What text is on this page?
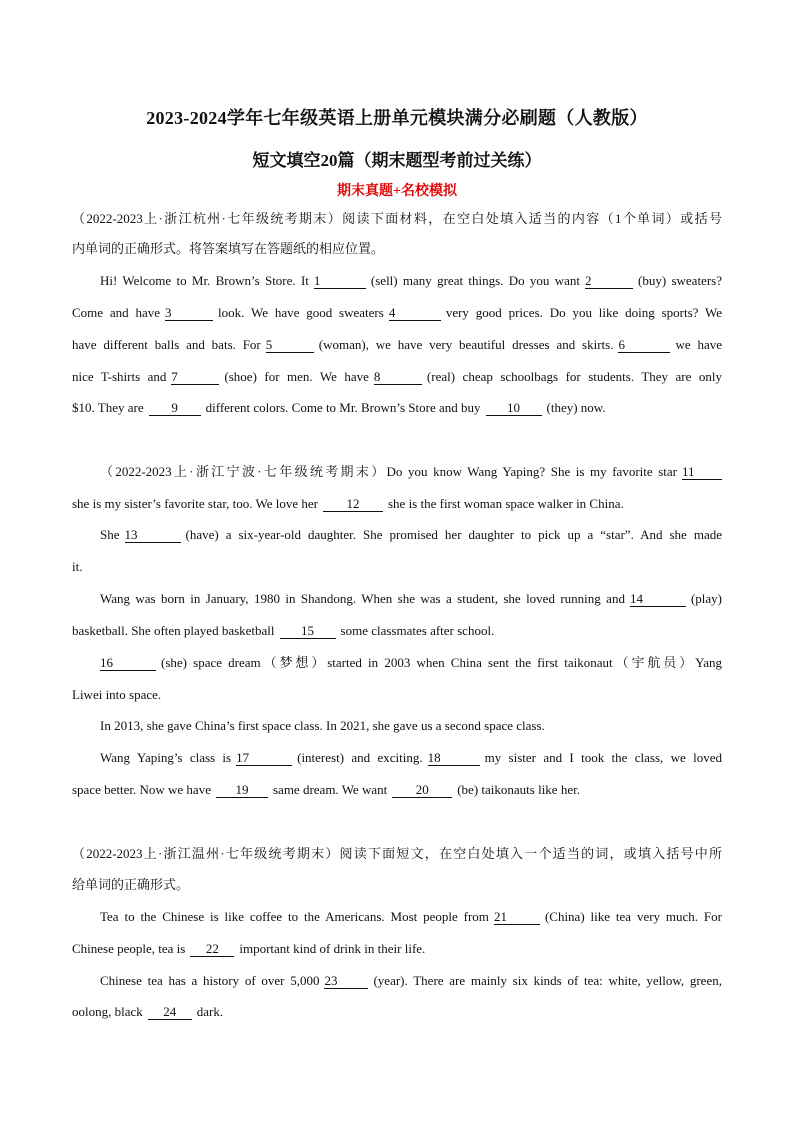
2023-2024学年七年级英语上册单元模块满分必刷题（人教版）
短文填空20篇（期末题型考前过关练）
期末真题+名校模拟
（2022-2023上·浙江杭州·七年级统考期末）阅读下面材料，在空白处填入适当的内容（1个单词）或括号
内单词的正确形式。将答案填写在答题纸的相应位置。
Hi! Welcome to Mr. Brown’s Store. It 1	(sell) many great things. Do you want 2	(buy) sweaters?
Come and have 3	look. We have good sweaters 4	very good prices. Do you like doing sports? We
have different balls and bats. For 5	(woman), we have very beautiful dresses and skirts. 6	we have
nice T-shirts and 7	(shoe) for men. We have 8	(real) cheap schoolbags for students. They are only
$10. They are 9 different colors. Come to Mr. Brown’s Store and buy 10 (they) now.
（2022-2023上·浙江宁波·七年级统考期末）Do you know Wang Yaping? She is my favorite star 11
she is my sister’s favorite star, too. We love her 12 she is the first woman space walker in China.
She 13	(have) a six-year-old daughter. She promised her daughter to pick up a “star”. And she made
it.
Wang was born in January, 1980 in Shandong. When she was a student, she loved running and 14	(play)
basketball. She often played basketball 15 some classmates after school.
16	(she) space dream（梦想）started in 2003 when China sent the first taikonaut（宇航员）Yang
Liwei into space.
In 2013, she gave China’s first space class. In 2021, she gave us a second space class.
Wang Yaping’s class is 17	(interest) and exciting. 18	my sister and I took the class, we loved
space better. Now we have 19 same dream. We want 20 (be) taikonauts like her.
（2022-2023上·浙江温州·七年级统考期末）阅读下面短文，在空白处填入一个适当的词，或填入括号中所
给单词的正确形式。
Tea to the Chinese is like coffee to the Americans. Most people from 21	(China) like tea very much. For
Chinese people, tea is 22 important kind of drink in their life.
Chinese tea has a history of over 5,000 23	(year). There are mainly six kinds of tea: white, yellow, green,
oolong, black 24 dark.
